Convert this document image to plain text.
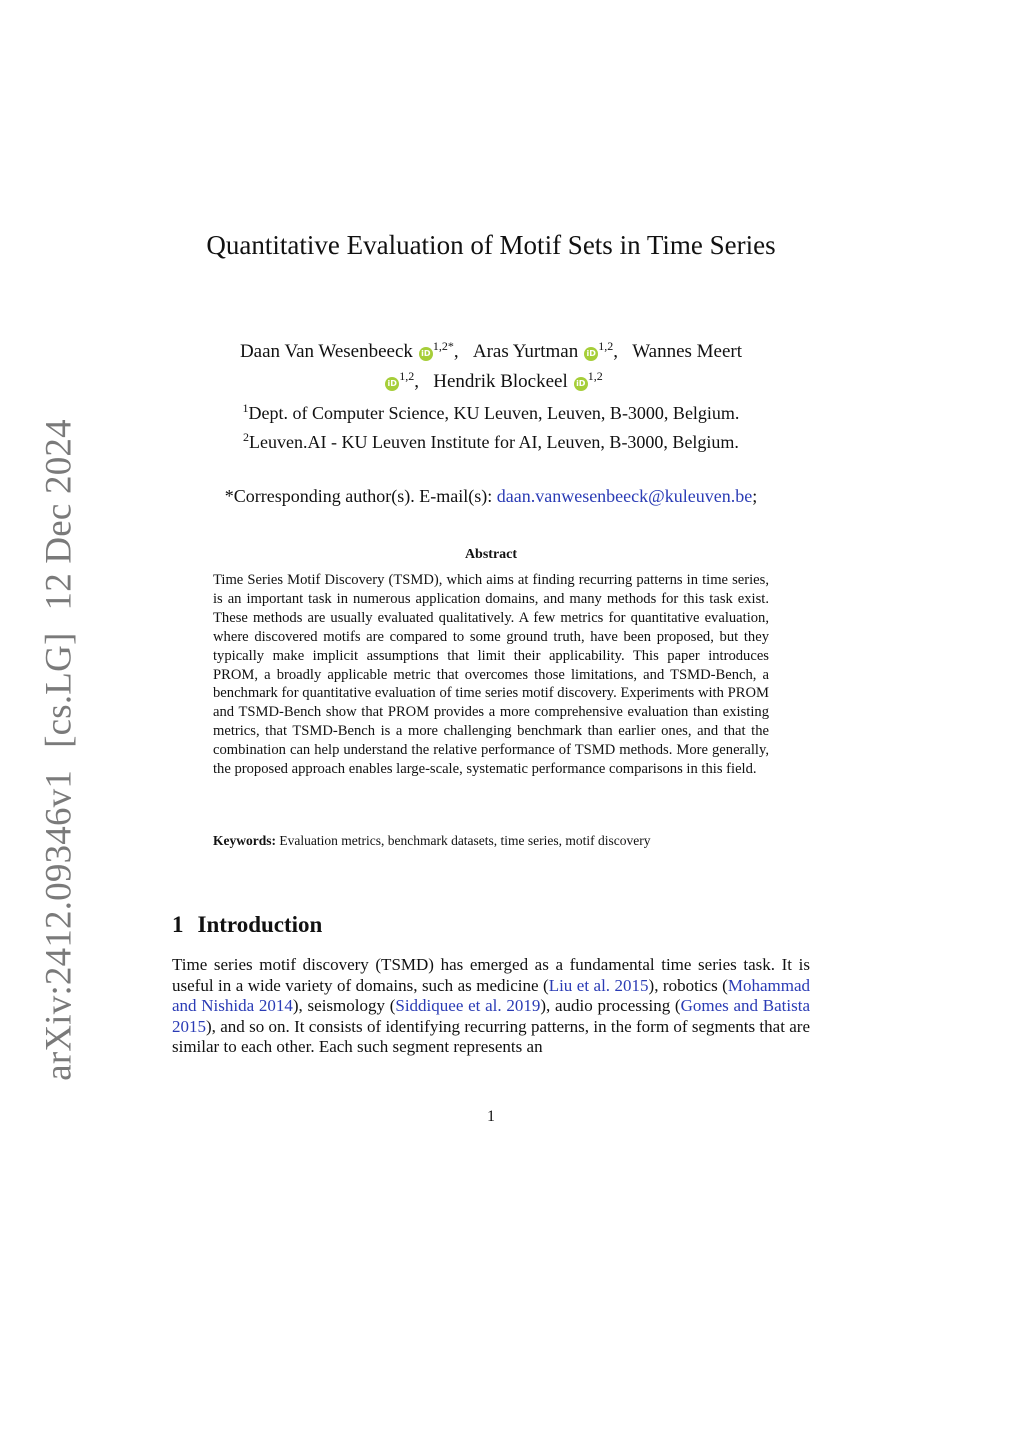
arXiv:2412.09346v1[cs.LG]12 Dec 2024
Quantitative Evaluation of Motif Sets in Time Series
Daan Van Wesenbeeck iD$^{1,2*}$, Aras Yurtman iD$^{1,2}$, Wannes Meert
iD$^{1,2}$, Hendrik Blockeel iD$^{1,2}$
$^1$Dept. of Computer Science, KU Leuven, Leuven, B-3000, Belgium.
$^2$Leuven.AI - KU Leuven Institute for AI, Leuven, B-3000, Belgium.
*Corresponding author(s). E-mail(s): daan.vanwesenbeeck@kuleuven.be;
Abstract

Time Series Motif Discovery (TSMD), which aims at finding recurring patterns in time series, is an important task in numerous application domains, and many methods for this task exist. These methods are usually evaluated qualitatively. A few metrics for quantitative evaluation, where discovered motifs are compared to some ground truth, have been proposed, but they typically make implicit assumptions that limit their applicability. This paper introduces PROM, a broadly applicable metric that overcomes those limitations, and TSMD-Bench, a benchmark for quantitative evaluation of time series motif discovery. Experiments with PROM and TSMD-Bench show that PROM provides a more comprehensive evaluation than existing metrics, that TSMD-Bench is a more challenging benchmark than earlier ones, and that the combination can help understand the relative performance of TSMD methods. More generally, the proposed approach enables large-scale, systematic performance comparisons in this field.

Keywords: Evaluation metrics, benchmark datasets, time series, motif discovery
1 Introduction

Time series motif discovery (TSMD) has emerged as a fundamental time series task. It is useful in a wide variety of domains, such as medicine (Liu et al. 2015), robotics (Mohammad and Nishida 2014), seismology (Siddiquee et al. 2019), audio processing (Gomes and Batista 2015), and so on. It consists of identifying recurring patterns, in the form of segments that are similar to each other. Each such segment represents an

1
